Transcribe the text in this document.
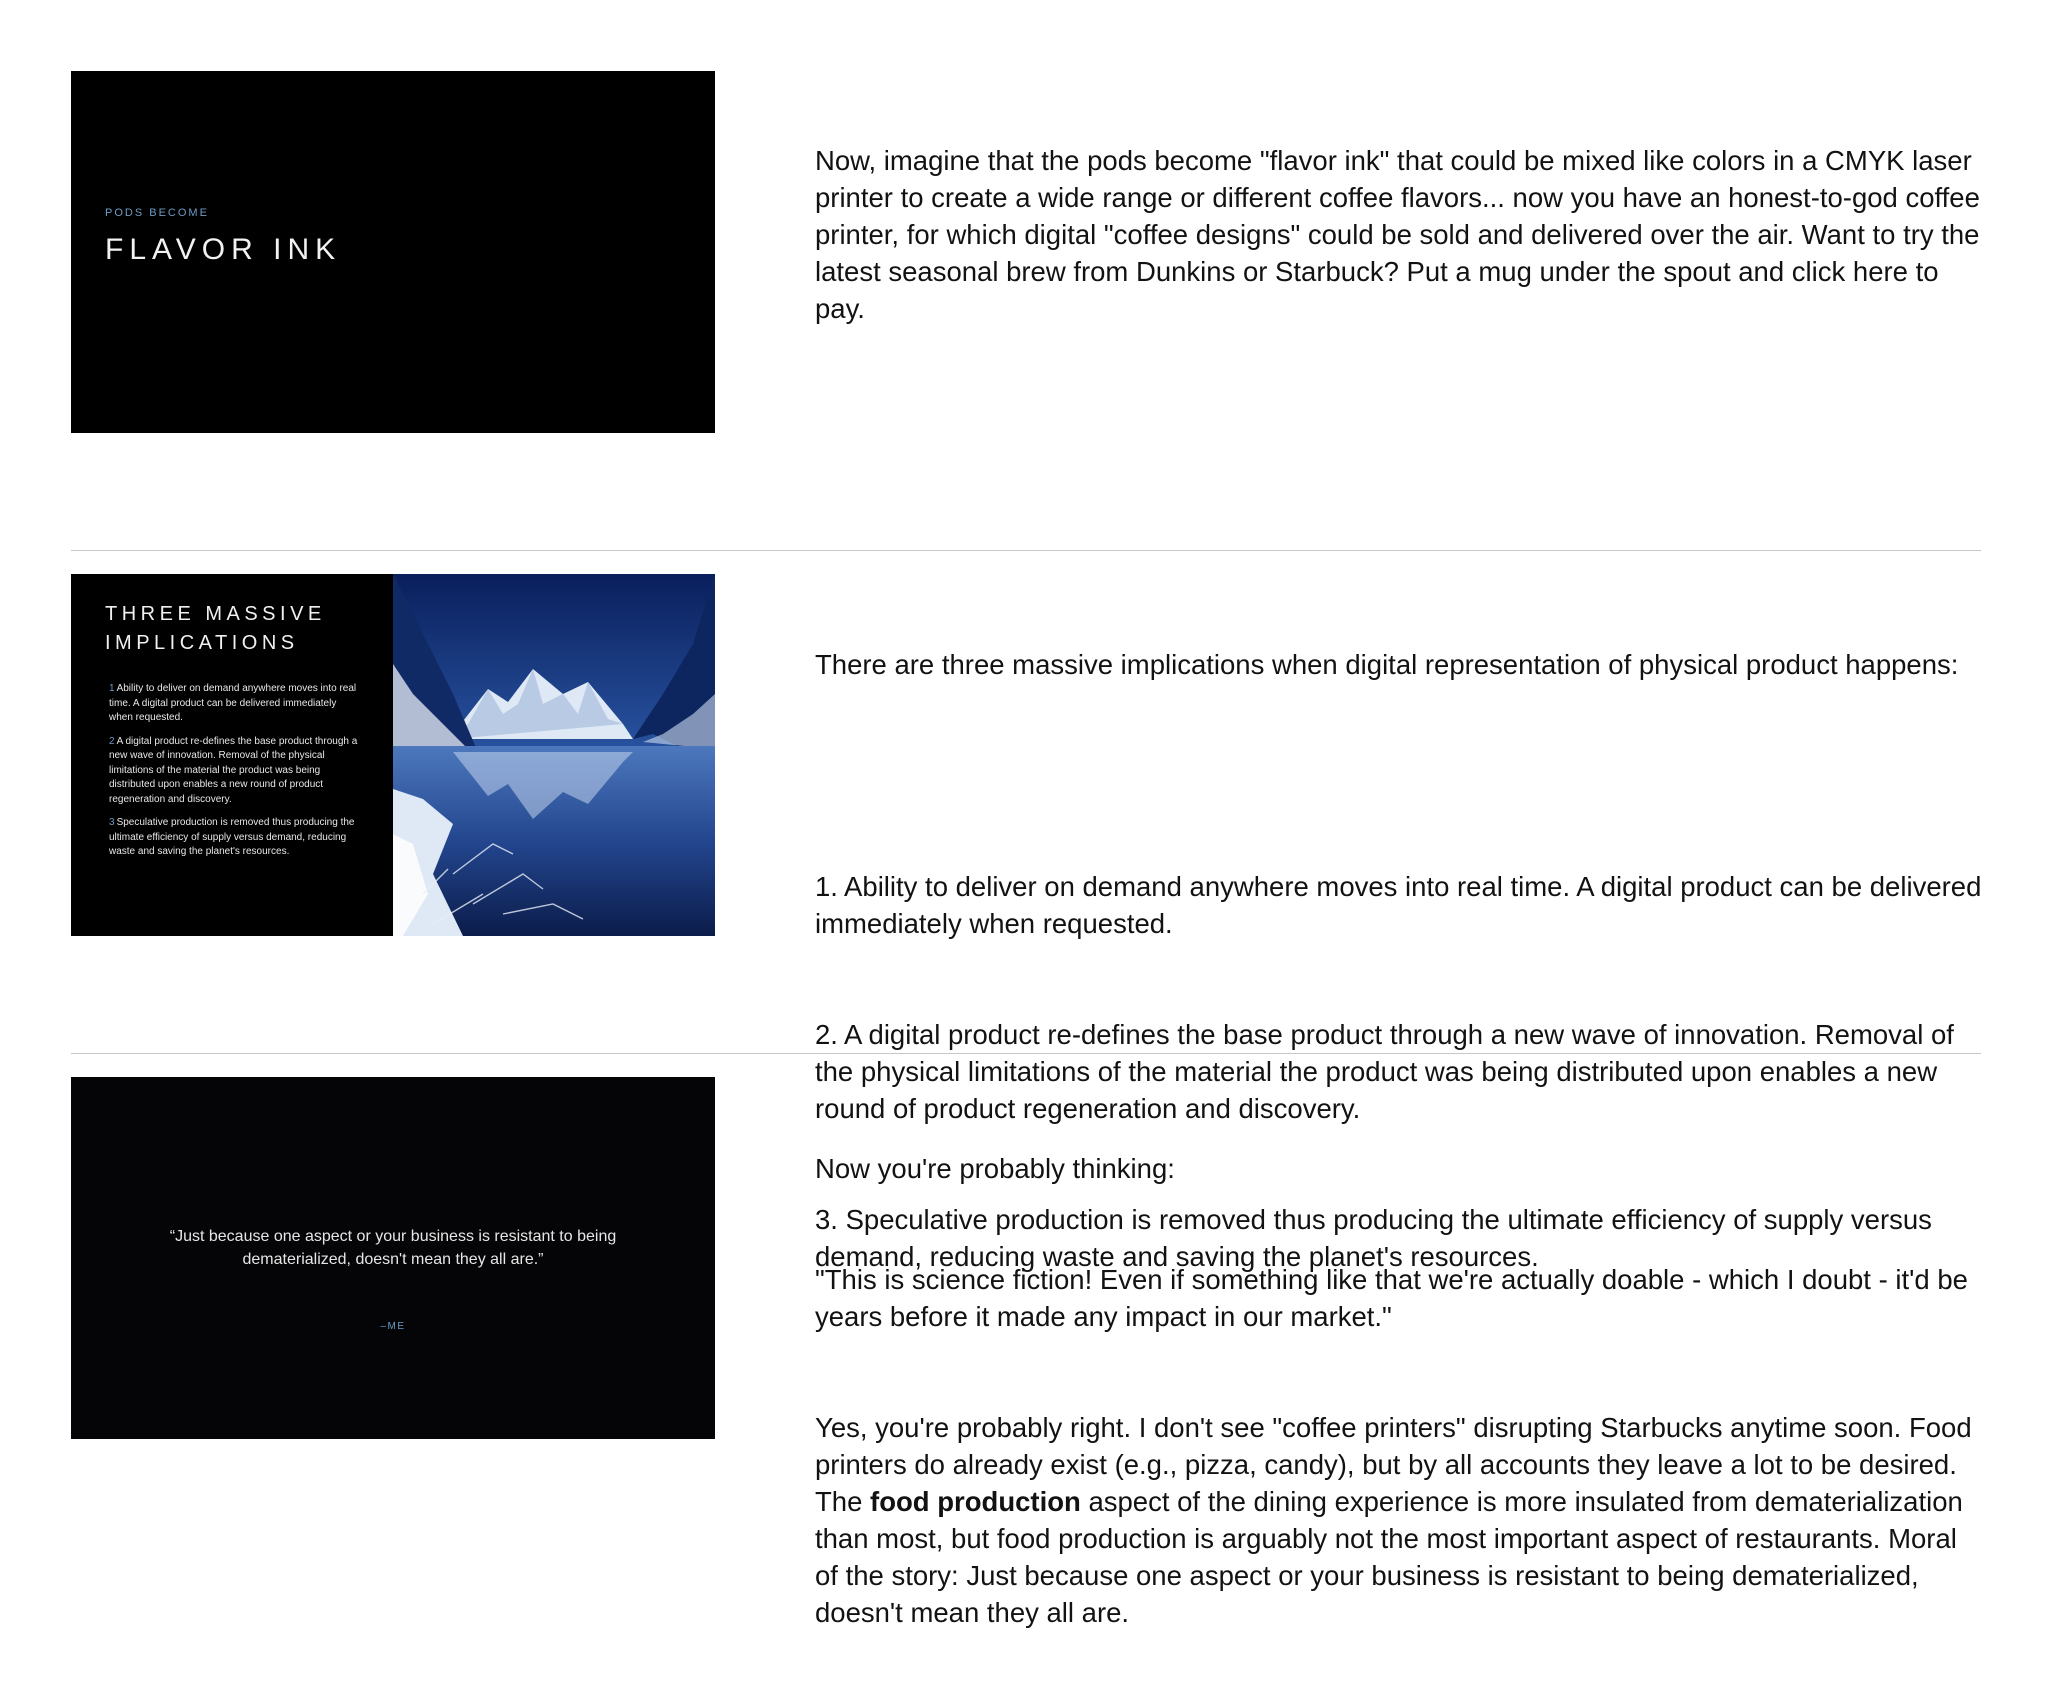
PODS BECOME
FLAVOR INK

Now, imagine that the pods become "flavor ink" that could be mixed like colors in a CMYK laser printer to create a wide range or different coffee flavors... now you have an honest-to-god coffee printer, for which digital "coffee designs" could be sold and delivered over the air. Want to try the latest seasonal brew from Dunkins or Starbuck? Put a mug under the spout and click here to pay.

THREE MASSIVE
IMPLICATIONS
1 Ability to deliver on demand anywhere moves into real time. A digital product can be delivered immediately when requested.
2 A digital product re-defines the base product through a new wave of innovation. Removal of the physical limitations of the material the product was being distributed upon enables a new round of product regeneration and discovery.
3 Speculative production is removed thus producing the ultimate efficiency of supply versus demand, reducing waste and saving the planet's resources.

There are three massive implications when digital representation of physical product happens:

1. Ability to deliver on demand anywhere moves into real time. A digital product can be delivered immediately when requested.

2. A digital product re-defines the base product through a new wave of innovation. Removal of the physical limitations of the material the product was being distributed upon enables a new round of product regeneration and discovery.

3. Speculative production is removed thus producing the ultimate efficiency of supply versus demand, reducing waste and saving the planet's resources.

“Just because one aspect or your business is resistant to being dematerialized, doesn't mean they all are.”
–ME

Now you're probably thinking:

"This is science fiction! Even if something like that we're actually doable - which I doubt - it'd be years before it made any impact in our market."

Yes, you're probably right. I don't see "coffee printers" disrupting Starbucks anytime soon. Food printers do already exist (e.g., pizza, candy), but by all accounts they leave a lot to be desired. The food production aspect of the dining experience is more insulated from dematerialization than most, but food production is arguably not the most important aspect of restaurants. Moral of the story: Just because one aspect or your business is resistant to being dematerialized, doesn't mean they all are.
